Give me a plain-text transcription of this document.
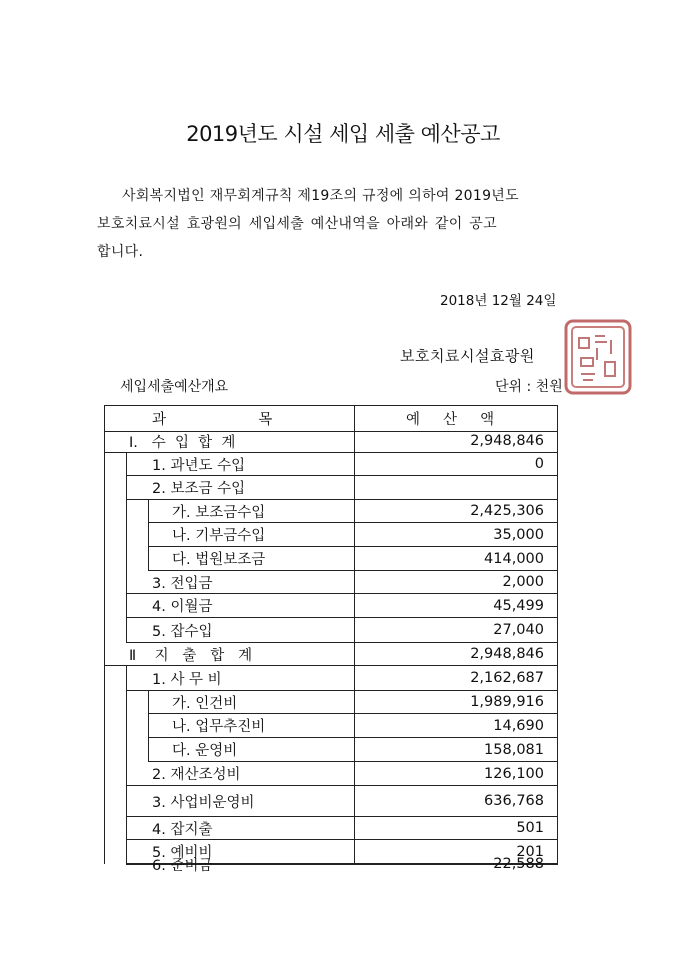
2019년도 시설 세입 세출 예산공고
사회복지법인 재무회계규칙 제19조의 규정에 의하여 2019년도
보호치료시설 효광원의 세입세출 예산내역을 아래와 같이 공고
합니다.
2018년 12월 24일
보호치료시설효광원
세입세출예산개요	단위 : 천원
과                    목	예     산     액
Ⅰ.   수  입  합  계	2,948,846
1. 과년도 수입	0
2. 보조금 수입
가. 보조금수입	2,425,306
나. 기부금수입	35,000
다. 법원보조금	414,000
3. 전입금	2,000
4. 이월금	45,499
5. 잡수입	27,040
Ⅱ    지   출   합   계	2,948,846
1. 사 무 비	2,162,687
가. 인건비	1,989,916
나. 업무추진비	14,690
다. 운영비	158,081
2. 재산조성비	126,100
3. 사업비운영비	636,768
4. 잡지출	501
5. 예비비	201
6. 준비금	22,588
